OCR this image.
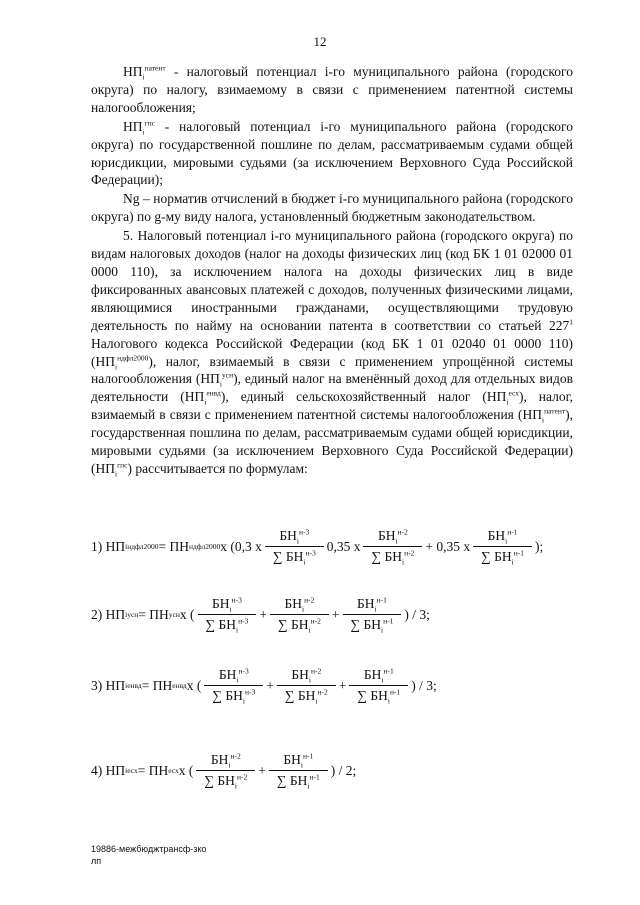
12

$НП_i^{патент}$ - налоговый потенциал i-го муниципального района (городского округа) по налогу, взимаемому в связи с применением патентной системы налогообложения;

$НП_i^{гпс}$ - налоговый потенциал i-го муниципального района (городского округа) по государственной пошлине по делам, рассматриваемым судами общей юрисдикции, мировыми судьями (за исключением Верховного Суда Российской Федерации);

Ng – норматив отчислений в бюджет i-го муниципального района (городского округа) по g-му виду налога, установленный бюджетным законодательством.

5. Налоговый потенциал i-го муниципального района (городского округа) по видам налоговых доходов (налог на доходы физических лиц (код БК 1 01 02000 01 0000 110), за исключением налога на доходы физических лиц в виде фиксированных авансовых платежей с доходов, полученных физическими лицами, являющимися иностранными гражданами, осуществляющими трудовую деятельность по найму на основании патента в соответствии со статьей $227^1$ Налогового кодекса Российской Федерации (код БК 1 01 02040 01 0000 110) $(НП_i^{ндфл2000})$, налог, взимаемый в связи с применением упрощённой системы налогообложения $(НП_i^{усн})$, единый налог на вменённый доход для отдельных видов деятельности $(НП_i^{енвд})$, единый сельскохозяйственный налог $(НП_i^{есх})$, налог, взимаемый в связи с применением патентной системы налогообложения $(НП_i^{патент})$, государственная пошлина по делам, рассматриваемым судами общей юрисдикции, мировыми судьями (за исключением Верховного Суда Российской Федерации) $(НП_i^{гпс})$ рассчитывается по формулам:

1) НП i ндфл2000 = ПН ндфл2000 x (0,3 x $\frac{БН_i^{н-3}}{\sum БН_i^{н-3}} 0,35$ x $\frac{БН_i^{н-2}}{\sum БН_i^{н-2}} + 0,35$ x $\frac{БН_i^{н-1}}{\sum БН_i^{н-1}}$ );
2) НП i усн = ПН усн x ( $\frac{БН_i^{н-3}}{\sum БН_i^{н-3}} + \frac{БН_i^{н-2}}{\sum БН_i^{н-2}} + \frac{БН_i^{н-1}}{\sum БН_i^{н-1}}$ ) / 3;
3) НП i енвд = ПН енвд x ( $\frac{БН_i^{н-3}}{\sum БН_i^{н-3}} + \frac{БН_i^{н-2}}{\sum БН_i^{н-2}} + \frac{БН_i^{н-1}}{\sum БН_i^{н-1}}$ ) / 3;
4) НП i есх = ПН есх x ( $\frac{БН_i^{н-2}}{\sum БН_i^{н-2}} + \frac{БН_i^{н-1}}{\sum БН_i^{н-1}}$ ) / 2;
19886-межбюджтрансф-зко
лп
